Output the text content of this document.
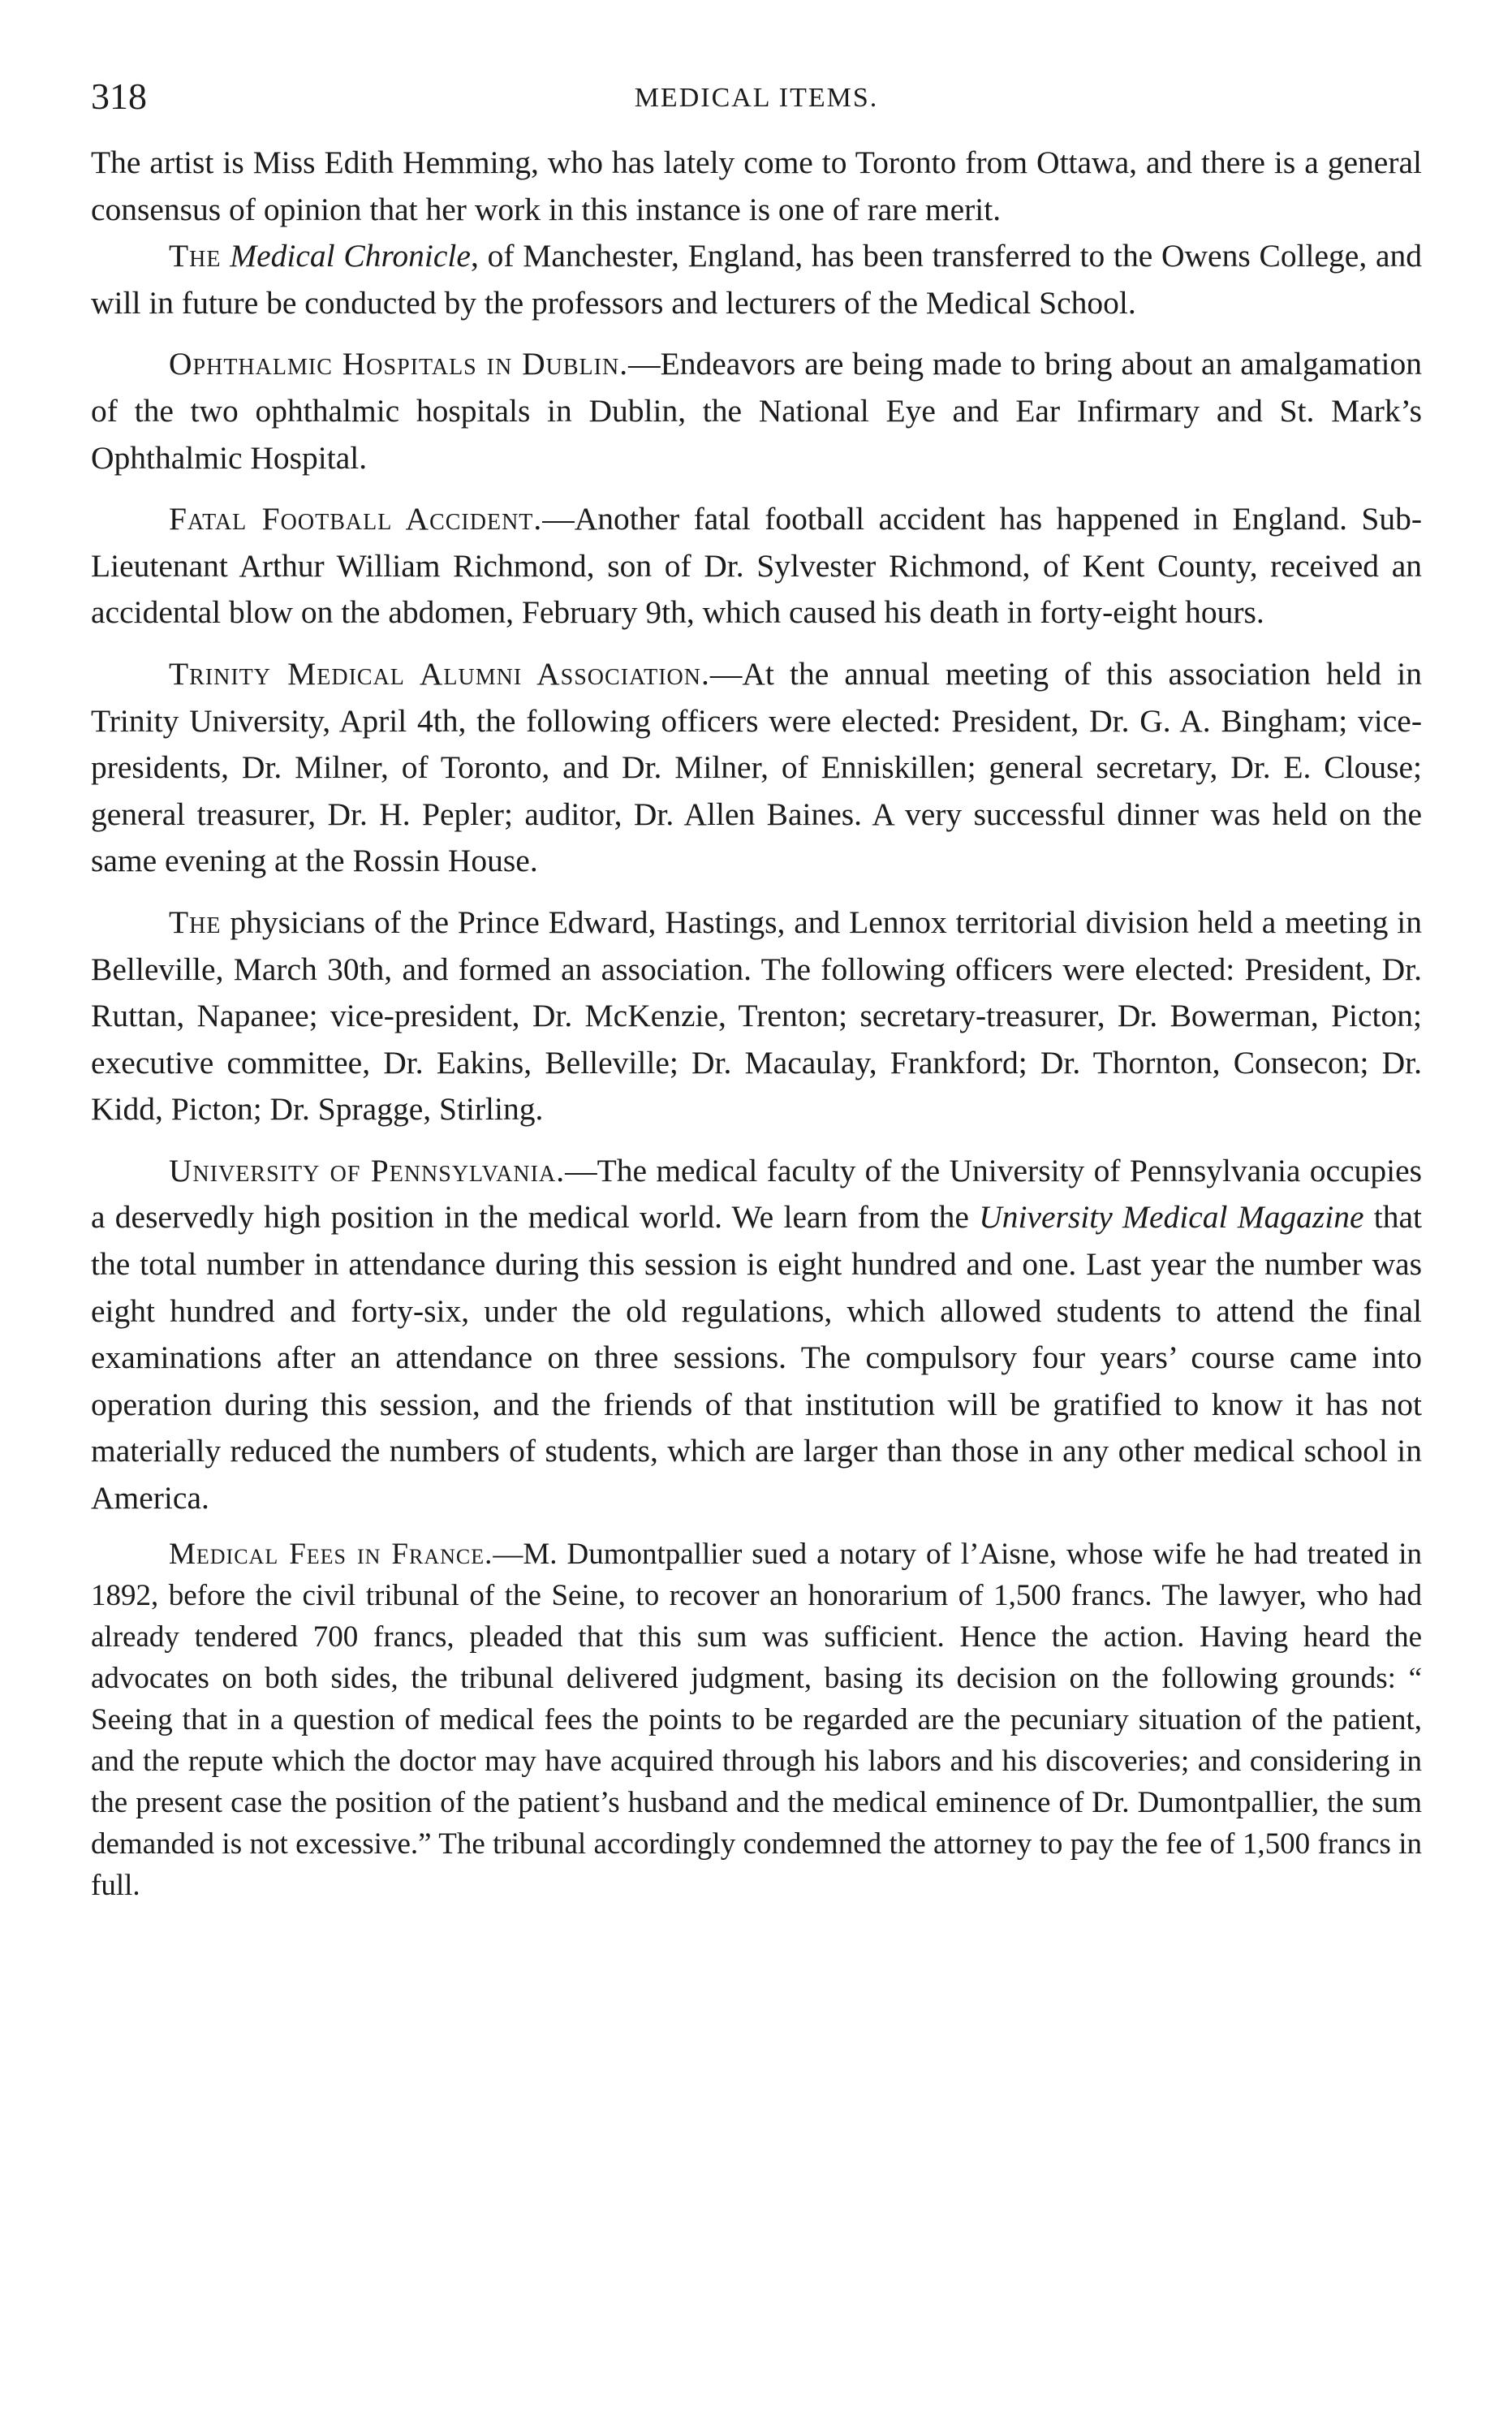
318	MEDICAL ITEMS.

The artist is Miss Edith Hemming, who has lately come to Toronto from Ottawa, and there is a general consensus of opinion that her work in this instance is one of rare merit.

The Medical Chronicle, of Manchester, England, has been transferred to the Owens College, and will in future be conducted by the professors and lecturers of the Medical School.

Ophthalmic Hospitals in Dublin.—Endeavors are being made to bring about an amalgamation of the two ophthalmic hospitals in Dublin, the National Eye and Ear Infirmary and St. Mark’s Ophthalmic Hospital.

Fatal Football Accident.—Another fatal football accident has happened in England. Sub-Lieutenant Arthur William Richmond, son of Dr. Sylvester Richmond, of Kent County, received an accidental blow on the abdomen, February 9th, which caused his death in forty-eight hours.

Trinity Medical Alumni Association.—At the annual meeting of this association held in Trinity University, April 4th, the following officers were elected: President, Dr. G. A. Bingham; vice-presidents, Dr. Milner, of Toronto, and Dr. Milner, of Enniskillen; general secretary, Dr. E. Clouse; general treasurer, Dr. H. Pepler; auditor, Dr. Allen Baines. A very successful dinner was held on the same evening at the Rossin House.

The physicians of the Prince Edward, Hastings, and Lennox territorial division held a meeting in Belleville, March 30th, and formed an association. The following officers were elected: President, Dr. Ruttan, Napanee; vice-president, Dr. McKenzie, Trenton; secretary-treasurer, Dr. Bowerman, Picton; executive committee, Dr. Eakins, Belleville; Dr. Macaulay, Frankford; Dr. Thornton, Consecon; Dr. Kidd, Picton; Dr. Spragge, Stirling.

University of Pennsylvania.—The medical faculty of the University of Pennsylvania occupies a deservedly high position in the medical world. We learn from the University Medical Magazine that the total number in attendance during this session is eight hundred and one. Last year the number was eight hundred and forty-six, under the old regulations, which allowed students to attend the final examinations after an attendance on three sessions. The compulsory four years’ course came into operation during this session, and the friends of that institution will be gratified to know it has not materially reduced the numbers of students, which are larger than those in any other medical school in America.

Medical Fees in France.—M. Dumontpallier sued a notary of l’Aisne, whose wife he had treated in 1892, before the civil tribunal of the Seine, to recover an honorarium of 1,500 francs. The lawyer, who had already tendered 700 francs, pleaded that this sum was sufficient. Hence the action. Having heard the advocates on both sides, the tribunal delivered judgment, basing its decision on the following grounds: “ Seeing that in a question of medical fees the points to be regarded are the pecuniary situation of the patient, and the repute which the doctor may have acquired through his labors and his discoveries; and considering in the present case the position of the patient’s husband and the medical eminence of Dr. Dumontpallier, the sum demanded is not excessive.” The tribunal accordingly condemned the attorney to pay the fee of 1,500 francs in full.
